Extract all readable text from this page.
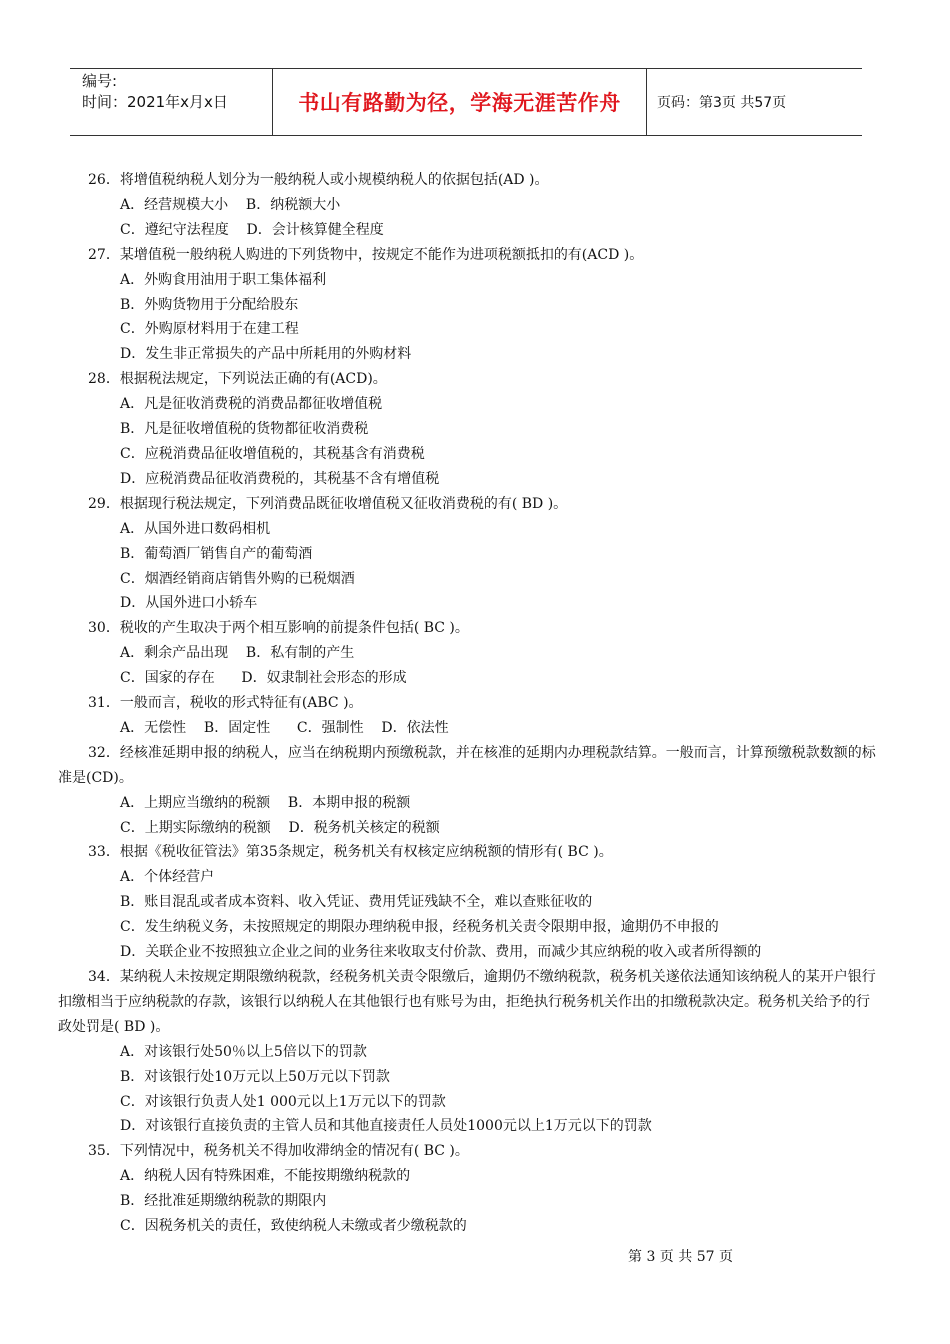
编号:
时间：2021年x月x日	书山有路勤为径，学海无涯苦作舟	页码：第3页 共57页

26．将增值税纳税人划分为一般纳税人或小规模纳税人的依据包括(AD )。

A．经营规模大小    B．纳税额大小

C．遵纪守法程度    D．会计核算健全程度

27．某增值税一般纳税人购进的下列货物中，按规定不能作为进项税额抵扣的有(ACD )。

A．外购食用油用于职工集体福利

B．外购货物用于分配给股东

C．外购原材料用于在建工程

D．发生非正常损失的产品中所耗用的外购材料

28．根据税法规定，下列说法正确的有(ACD)。

A．凡是征收消费税的消费品都征收增值税

B．凡是征收增值税的货物都征收消费税

C．应税消费品征收增值税的，其税基含有消费税

D．应税消费品征收消费税的，其税基不含有增值税

29．根据现行税法规定，下列消费品既征收增值税又征收消费税的有( BD )。

A．从国外进口数码相机

B．葡萄酒厂销售自产的葡萄酒

C．烟酒经销商店销售外购的已税烟酒

D．从国外进口小轿车

30．税收的产生取决于两个相互影响的前提条件包括( BC )。

A．剩余产品出现    B．私有制的产生

C．国家的存在      D．奴隶制社会形态的形成

31．一般而言，税收的形式特征有(ABC )。

A．无偿性    B．固定性      C．强制性    D．依法性

32．经核准延期申报的纳税人，应当在纳税期内预缴税款，并在核准的延期内办理税款结算。一般而言，计算预缴税款数额的标准是(CD)。

A．上期应当缴纳的税额    B．本期申报的税额

C．上期实际缴纳的税额    D．税务机关核定的税额

33．根据《税收征管法》第35条规定，税务机关有权核定应纳税额的情形有( BC )。

A．个体经营户

B．账目混乱或者成本资料、收入凭证、费用凭证残缺不全，难以查账征收的

C．发生纳税义务，未按照规定的期限办理纳税申报，经税务机关责令限期申报，逾期仍不申报的

D．关联企业不按照独立企业之间的业务往来收取支付价款、费用，而减少其应纳税的收入或者所得额的

34．某纳税人未按规定期限缴纳税款，经税务机关责令限缴后，逾期仍不缴纳税款，税务机关遂依法通知该纳税人的某开户银行扣缴相当于应纳税款的存款，该银行以纳税人在其他银行也有账号为由，拒绝执行税务机关作出的扣缴税款决定。税务机关给予的行政处罚是( BD )。

A．对该银行处50％以上5倍以下的罚款

B．对该银行处10万元以上50万元以下罚款

C．对该银行负责人处1 000元以上1万元以下的罚款

D．对该银行直接负责的主管人员和其他直接责任人员处1000元以上1万元以下的罚款

35．下列情况中，税务机关不得加收滞纳金的情况有( BC )。

A．纳税人因有特殊困难，不能按期缴纳税款的

B．经批准延期缴纳税款的期限内

C．因税务机关的责任，致使纳税人未缴或者少缴税款的

第 3 页 共 57 页
